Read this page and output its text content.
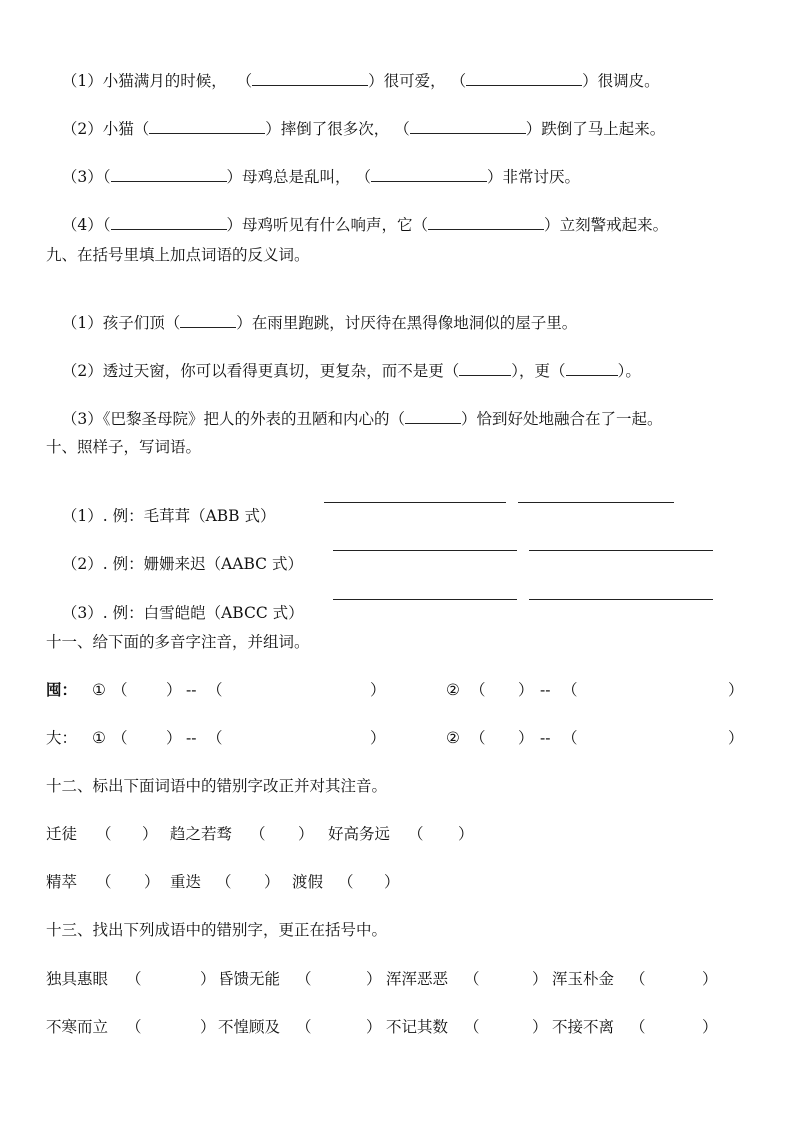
（1）小猫满月的时候， （	）很可爱， （	）很调皮。

（2）小猫（	）摔倒了很多次， （	）跌倒了马上起来。

（3）（	）母鸡总是乱叫， （	）非常讨厌。

（4）（	）母鸡听见有什么响声，它（	）立刻警戒起来。

九、在括号里填上加点词语的反义词。

（1）孩子们顶（	）在雨里跑跳，讨厌待在黑得像地洞似的屋子里。

（2）透过天窗，你可以看得更真切，更复杂，而不是更（	），更（	）。

（3）《巴黎圣母院》把人的外表的丑陋和内心的（	）恰到好处地融合在了一起。

十、照样子，写词语。

（1）. 例：毛茸茸（ABB 式）

（2）. 例：姗姗来迟（AABC 式）

（3）. 例：白雪皑皑（ABCC 式）

十一、给下面的多音字注音，并组词。
囤： ① （ ） -- （	）	② （ ） -- （	）
大： ① （ ） -- （	）	② （ ） -- （	）
十二、标出下面词语中的错别字改正并对其注音。
迁徒 （ ） 趋之若骛 （ ） 好高务远 （ ）
精萃 （ ） 重迭 （ ） 渡假 （ ）
十三、找出下列成语中的错别字，更正在括号中。
独具惠眼 （	） 昏馈无能 （	） 浑浑恶恶 （	） 浑玉朴金 （	）
不寒而立 （	） 不惶顾及 （	） 不记其数 （	） 不接不离 （	）
